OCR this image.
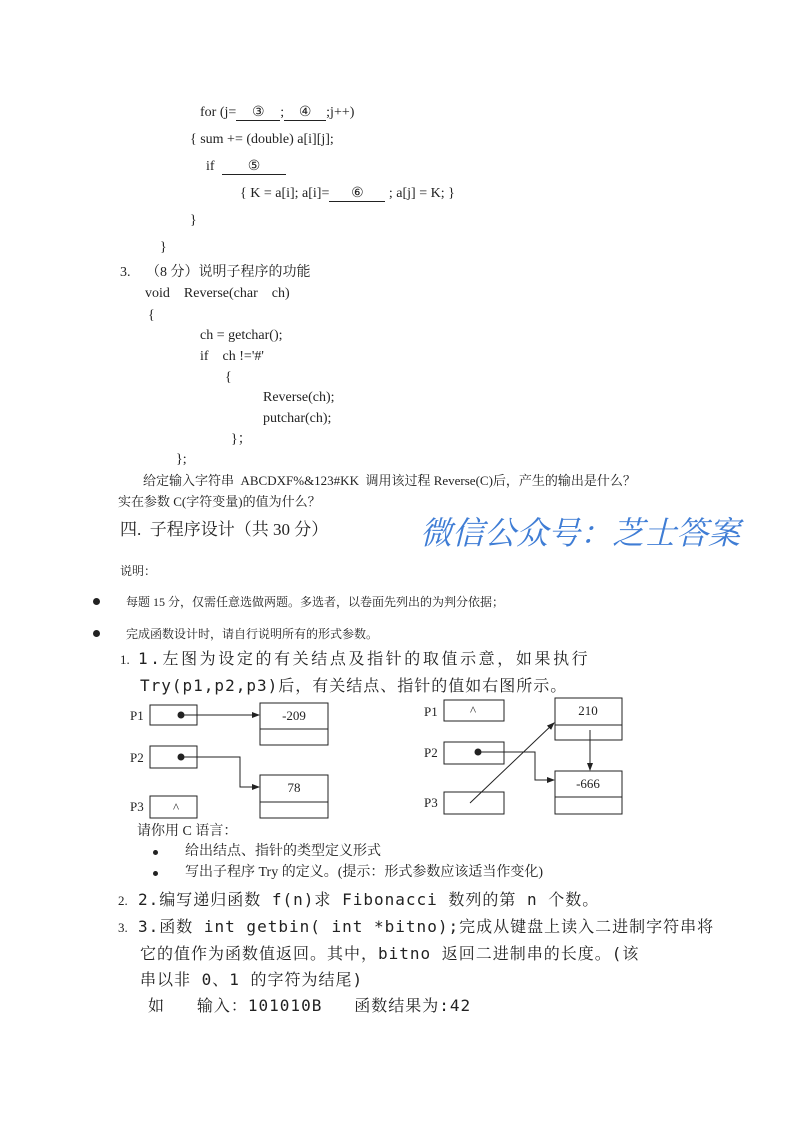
for (j= ③ ; ④ ;j++)
{ sum += (double) a[i][j];
if ⑤
{ K = a[i]; a[i]= ⑥ ; a[j] = K; }
}
}
3. （8 分）说明子程序的功能
void    Reverse(char    ch)
{
ch = getchar();
if    ch !='#'
{
Reverse(ch);
putchar(ch);
}；
};
给定输入字符串  ABCDXF%&123#KK  调用该过程 Reverse(C)后，产生的输出是什么？
实在参数 C(字符变量)的值为什么？
四.  子程序设计（共 30 分）
说明：
每题 15 分，仅需任意选做两题。多选者，以卷面先列出的为判分依据；
完成函数设计时，请自行说明所有的形式参数。
1. 1.左图为设定的有关结点及指针的取值示意，如果执行
Try(p1,p2,p3)后，有关结点、指针的值如右图所示。
P1
P2
P3 ^
-209
78
P1
P2
P3
^	210
-666
请你用 C 语言：
给出结点、指针的类型定义形式
写出子程序 Try 的定义。(提示：形式参数应该适当作变化)
2. 2.编写递归函数 f(n)求 Fibonacci 数列的第 n 个数。
3. 3.函数 int getbin( int *bitno);完成从键盘上读入二进制字符串将
它的值作为函数值返回。其中，bitno 返回二进制串的长度。(该
串以非 0、1 的字符为结尾)
如   输入：101010B   函数结果为:42
微信公众号：芝士答案
